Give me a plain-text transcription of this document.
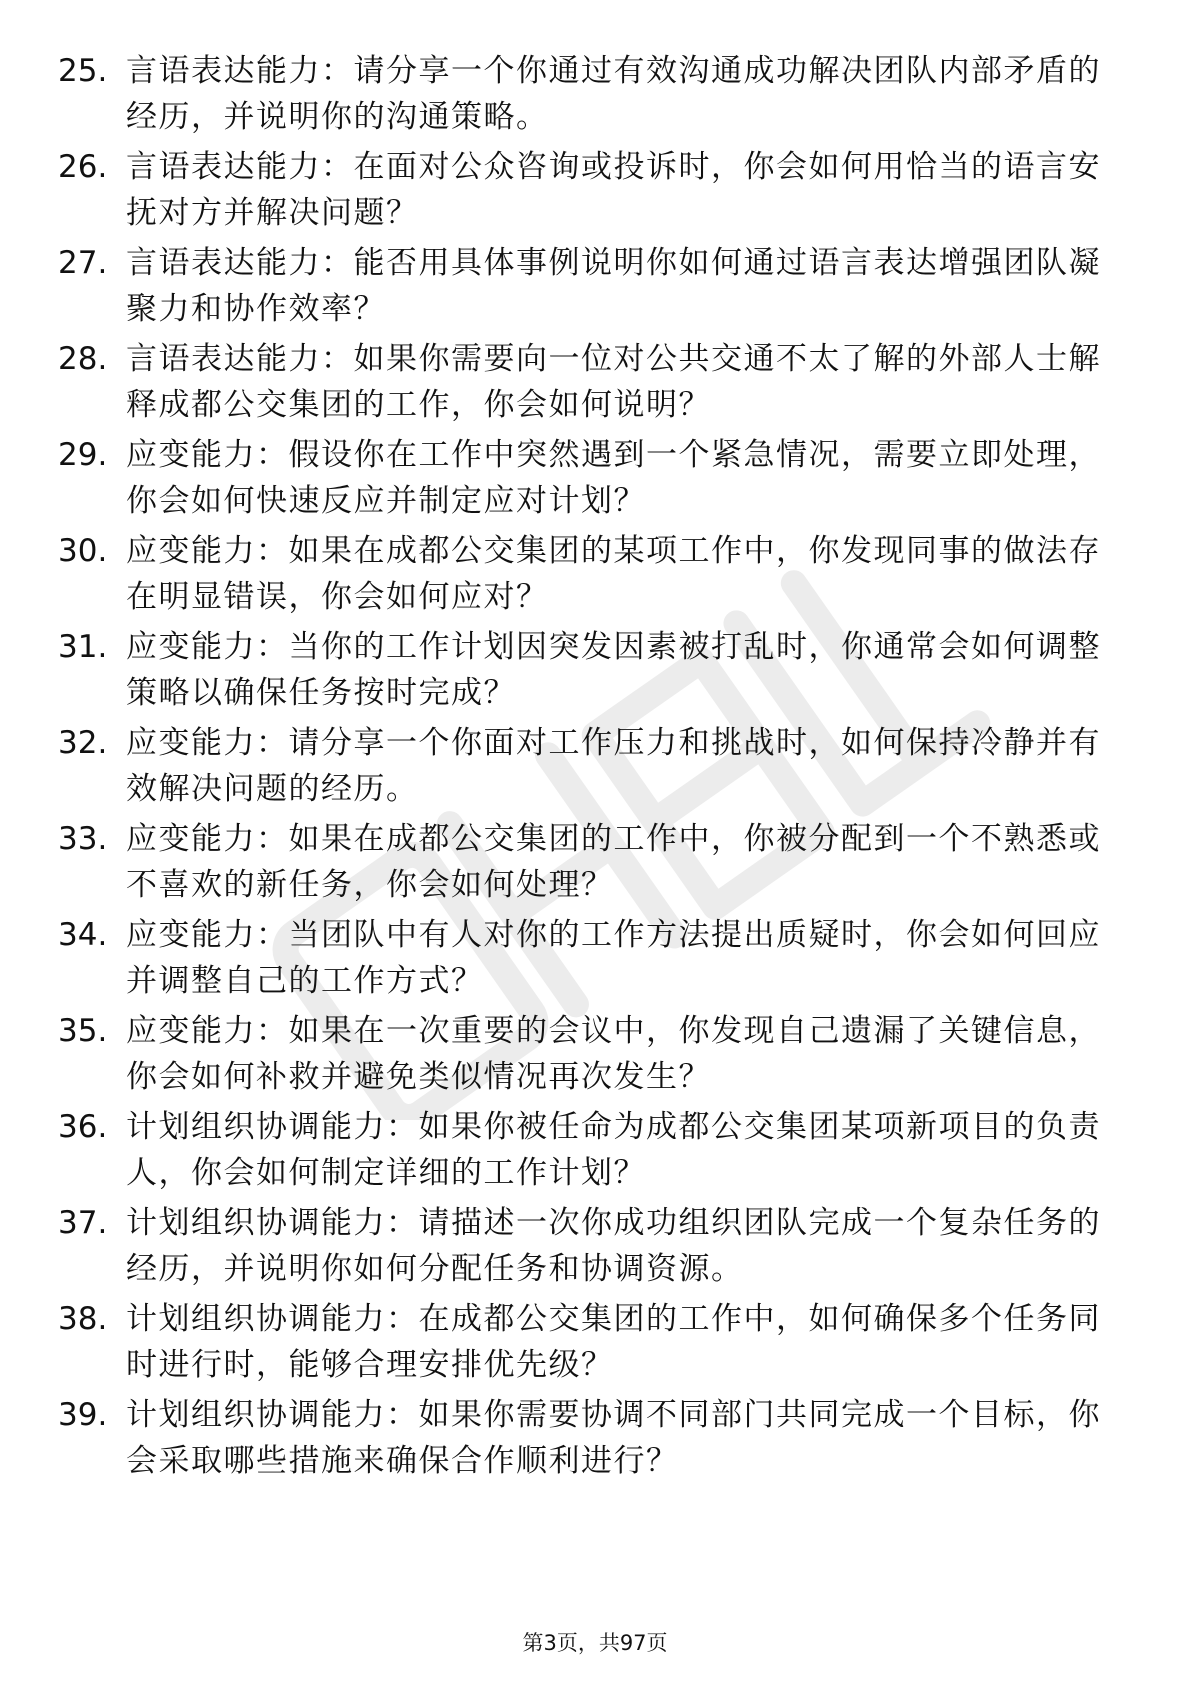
25. 言语表达能力：请分享一个你通过有效沟通成功解决团队内部矛盾的经历，并说明你的沟通策略。
26. 言语表达能力：在面对公众咨询或投诉时，你会如何用恰当的语言安抚对方并解决问题？
27. 言语表达能力：能否用具体事例说明你如何通过语言表达增强团队凝聚力和协作效率？
28. 言语表达能力：如果你需要向一位对公共交通不太了解的外部人士解释成都公交集团的工作，你会如何说明？
29. 应变能力：假设你在工作中突然遇到一个紧急情况，需要立即处理，你会如何快速反应并制定应对计划？
30. 应变能力：如果在成都公交集团的某项工作中，你发现同事的做法存在明显错误，你会如何应对？
31. 应变能力：当你的工作计划因突发因素被打乱时，你通常会如何调整策略以确保任务按时完成？
32. 应变能力：请分享一个你面对工作压力和挑战时，如何保持冷静并有效解决问题的经历。
33. 应变能力：如果在成都公交集团的工作中，你被分配到一个不熟悉或不喜欢的新任务，你会如何处理？
34. 应变能力：当团队中有人对你的工作方法提出质疑时，你会如何回应并调整自己的工作方式？
35. 应变能力：如果在一次重要的会议中，你发现自己遗漏了关键信息，你会如何补救并避免类似情况再次发生？
36. 计划组织协调能力：如果你被任命为成都公交集团某项新项目的负责人，你会如何制定详细的工作计划？
37. 计划组织协调能力：请描述一次你成功组织团队完成一个复杂任务的经历，并说明你如何分配任务和协调资源。
38. 计划组织协调能力：在成都公交集团的工作中，如何确保多个任务同时进行时，能够合理安排优先级？
39. 计划组织协调能力：如果你需要协调不同部门共同完成一个目标，你会采取哪些措施来确保合作顺利进行？
第3页，共97页
